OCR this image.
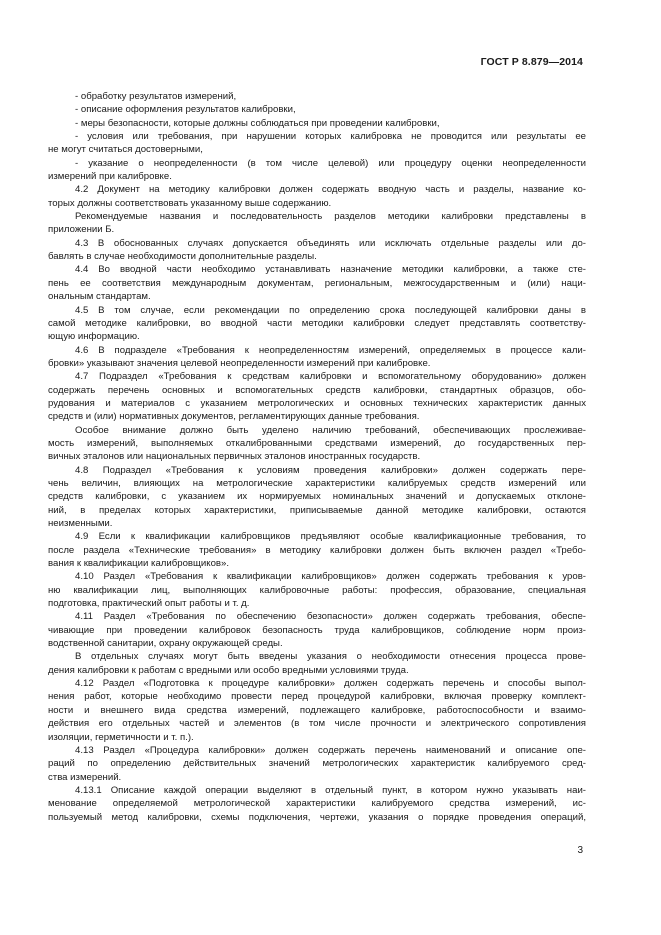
ГОСТ Р 8.879—2014
- обработку результатов измерений,
- описание оформления результатов калибровки,
- меры безопасности, которые должны соблюдаться при проведении калибровки,
- условия или требования, при нарушении которых калибровка не проводится или результаты ее
не могут считаться достоверными,
- указание о неопределенности (в том числе целевой) или процедуру оценки неопределенности
измерений при калибровке.
4.2 Документ на методику калибровки должен содержать вводную часть и разделы, название ко-
торых должны соответствовать указанному выше содержанию.
Рекомендуемые названия и последовательность разделов методики калибровки представлены в
приложении Б.
4.3 В обоснованных случаях допускается объединять или исключать отдельные разделы или до-
бавлять в случае необходимости дополнительные разделы.
4.4 Во вводной части необходимо устанавливать назначение методики калибровки, а также сте-
пень ее соответствия международным документам, региональным, межгосударственным и (или) наци-
ональным стандартам.
4.5 В том случае, если рекомендации по определению срока последующей калибровки даны в
самой методике калибровки, во вводной части методики калибровки следует представлять соответству-
ющую информацию.
4.6 В подразделе «Требования к неопределенностям измерений, определяемых в процессе кали-
бровки» указывают значения целевой неопределенности измерений при калибровке.
4.7 Подраздел «Требования к средствам калибровки и вспомогательному оборудованию» должен
содержать перечень основных и вспомогательных средств калибровки, стандартных образцов, обо-
рудования и материалов с указанием метрологических и основных технических характеристик данных
средств и (или) нормативных документов, регламентирующих данные требования.
Особое внимание должно быть уделено наличию требований, обеспечивающих прослеживае-
мость измерений, выполняемых откалиброванными средствами измерений, до государственных пер-
вичных эталонов или национальных первичных эталонов иностранных государств.
4.8 Подраздел «Требования к условиям проведения калибровки» должен содержать пере-
чень величин, влияющих на метрологические характеристики калибруемых средств измерений или
средств калибровки, с указанием их нормируемых номинальных значений и допускаемых отклоне-
ний, в пределах которых характеристики, приписываемые данной методике калибровки, остаются
неизменными.
4.9 Если к квалификации калибровщиков предъявляют особые квалификационные требования, то
после раздела «Технические требования» в методику калибровки должен быть включен раздел «Требо-
вания к квалификации калибровщиков».
4.10 Раздел «Требования к квалификации калибровщиков» должен содержать требования к уров-
ню квалификации лиц, выполняющих калибровочные работы: профессия, образование, специальная
подготовка, практический опыт работы и т. д.
4.11 Раздел «Требования по обеспечению безопасности» должен содержать требования, обеспе-
чивающие при проведении калибровок безопасность труда калибровщиков, соблюдение норм произ-
водственной санитарии, охрану окружающей среды.
В отдельных случаях могут быть введены указания о необходимости отнесения процесса прове-
дения калибровки к работам с вредными или особо вредными условиями труда.
4.12 Раздел «Подготовка к процедуре калибровки» должен содержать перечень и способы выпол-
нения работ, которые необходимо провести перед процедурой калибровки, включая проверку комплект-
ности и внешнего вида средства измерений, подлежащего калибровке, работоспособности и взаимо-
действия его отдельных частей и элементов (в том числе прочности и электрического сопротивления
изоляции, герметичности и т. п.).
4.13 Раздел «Процедура калибровки» должен содержать перечень наименований и описание опе-
раций по определению действительных значений метрологических характеристик калибруемого сред-
ства измерений.
4.13.1 Описание каждой операции выделяют в отдельный пункт, в котором нужно указывать наи-
менование определяемой метрологической характеристики калибруемого средства измерений, ис-
пользуемый метод калибровки, схемы подключения, чертежи, указания о порядке проведения операций,
3
